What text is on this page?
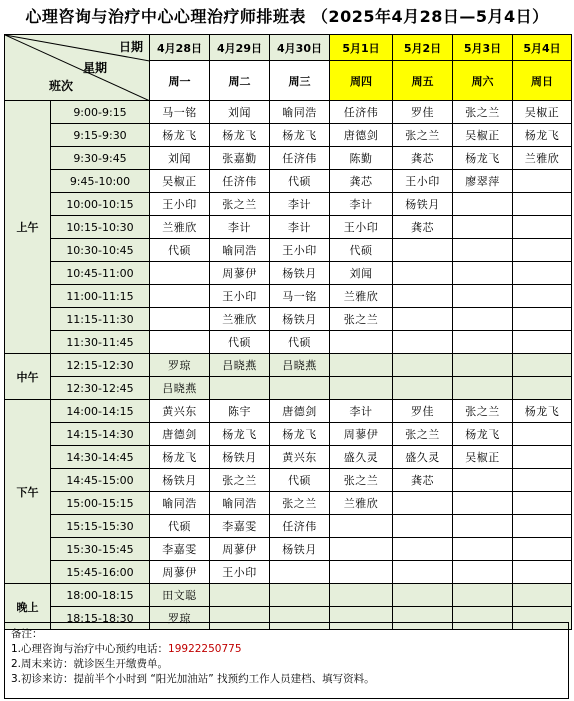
心理咨询与治疗中心心理治疗师排班表 （2025年4月28日—5月4日）
日期
星期
班次		4月28日	4月29日	4月30日	5月1日	5月2日	5月3日	5月4日
		周一	周二	周三	周四	周五	周六	周日
上午	9:00-9:15	马一铭	刘闻	喻同浩	任济伟	罗佳	张之兰	吴椒正
	9:15-9:30	杨龙飞	杨龙飞	杨龙飞	唐德剑	张之兰	吴椒正	杨龙飞
	9:30-9:45	刘闻	张嘉勤	任济伟	陈勤	龚芯	杨龙飞	兰雅欣
	9:45-10:00	吴椒正	任济伟	代硕	龚芯	王小印	廖翠萍	
	10:00-10:15	王小印	张之兰	李计	李计	杨铁月		
	10:15-10:30	兰雅欣	李计	李计	王小印	龚芯		
	10:30-10:45	代硕	喻同浩	王小印	代硕			
	10:45-11:00		周蓼伊	杨铁月	刘闻			
	11:00-11:15		王小印	马一铭	兰雅欣			
	11:15-11:30		兰雅欣	杨铁月	张之兰			
	11:30-11:45		代硕	代硕				
中午	12:15-12:30	罗琼	吕晓燕	吕晓燕				
	12:30-12:45	吕晓燕						
下午	14:00-14:15	黄兴东	陈宇	唐德剑	李计	罗佳	张之兰	杨龙飞
	14:15-14:30	唐德剑	杨龙飞	杨龙飞	周蓼伊	张之兰	杨龙飞	
	14:30-14:45	杨龙飞	杨铁月	黄兴东	盛久灵	盛久灵	吴椒正	
	14:45-15:00	杨铁月	张之兰	代硕	张之兰	龚芯		
	15:00-15:15	喻同浩	喻同浩	张之兰	兰雅欣			
	15:15-15:30	代硕	李嘉雯	任济伟				
	15:30-15:45	李嘉雯	周蓼伊	杨铁月				
	15:45-16:00	周蓼伊	王小印					
晚上	18:00-18:15	田文聪						
	18:15-18:30	罗琼						
备注：
1.心理咨询与治疗中心预约电话：19922250775
2.周末来访：就诊医生开缴费单。
3.初诊来访：提前半个小时到 “阳光加油站” 找预约工作人员建档、填写资料。
